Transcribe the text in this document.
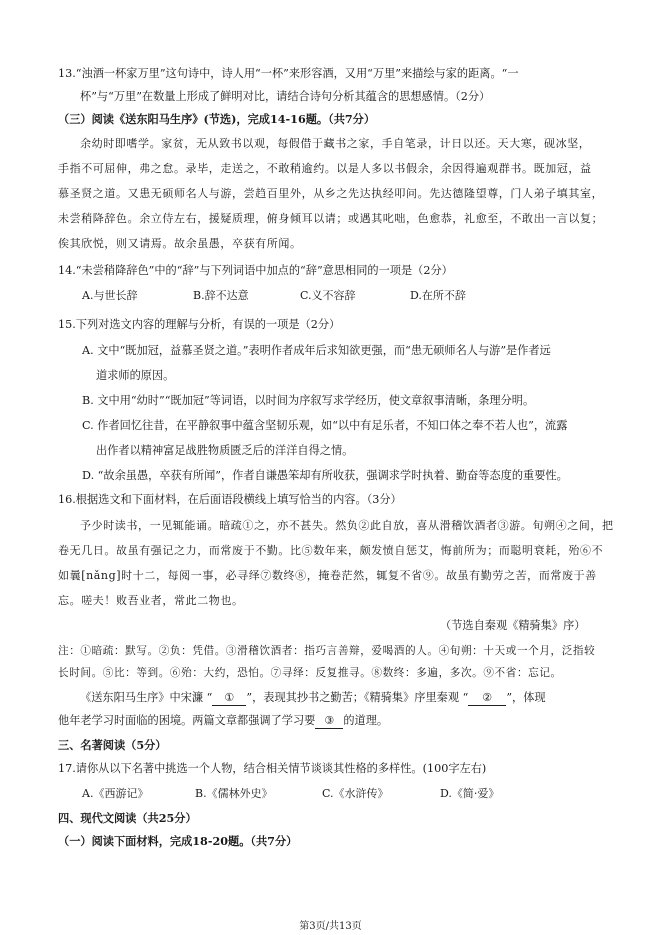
13.“浊酒一杯家万里”这句诗中，诗人用“一杯”来形容酒，又用“万里”来描绘与家的距离。“一
杯”与“万里”在数量上形成了鲜明对比，请结合诗句分析其蕴含的思想感情。（2分）
（三）阅读《送东阳马生序》(节选)，完成14-16题。（共7分）
余幼时即嗜学。家贫，无从致书以观，每假借于藏书之家，手自笔录，计日以还。天大寒，砚冰坚，
手指不可屈伸，弗之怠。录毕，走送之，不敢稍逾约。以是人多以书假余，余因得遍观群书。既加冠，益
慕圣贤之道。又患无硕师名人与游，尝趋百里外，从乡之先达执经叩问。先达德隆望尊，门人弟子填其室，
未尝稍降辞色。余立侍左右，援疑质理，俯身倾耳以请；或遇其叱咄，色愈恭，礼愈至，不敢出一言以复；
俟其欣悦，则又请焉。故余虽愚，卒获有所闻。
14.“未尝稍降辞色”中的“辞”与下列词语中加点的“辞”意思相同的一项是（2分）
A.与世长辞	B.辞不达意	C.义不容辞	D.在所不辞
15.下列对选文内容的理解与分析，有误的一项是（2分）
A. 文中“既加冠，益慕圣贤之道。”表明作者成年后求知欲更强，而“患无硕师名人与游”是作者远
道求师的原因。
B. 文中用“幼时”“既加冠”等词语，以时间为序叙写求学经历，使文章叙事清晰，条理分明。
C. 作者回忆往昔，在平静叙事中蕴含坚韧乐观，如“以中有足乐者，不知口体之奉不若人也”，流露
出作者以精神富足战胜物质匮乏后的洋洋自得之情。
D. “故余虽愚，卒获有所闻”，作者自谦愚笨却有所收获，强调求学时执着、勤奋等态度的重要性。
16.根据选文和下面材料，在后面语段横线上填写恰当的内容。（3分）
予少时读书，一见辄能诵。暗疏①之，亦不甚失。然负②此自放，喜从滑稽饮酒者③游。旬朔④之间，把
卷无几日。故虽有强记之力，而常废于不勤。比⑤数年来，颇发愤自惩艾，悔前所为；而聪明衰耗，殆⑥不
如曩[nǎng]时十二，每阅一事，必寻绎⑦数终⑧，掩卷茫然，辄复不省⑨。故虽有勤劳之苦，而常废于善
忘。嗟夫！败吾业者，常此二物也。
（节选自秦观《精骑集》序）
注：①暗疏：默写。②负：凭借。③滑稽饮酒者：指巧言善辩，爱喝酒的人。④旬朔：十天或一个月，泛指较
长时间。⑤比：等到。⑥殆：大约，恐怕。⑦寻绎：反复推寻。⑧数终：多遍，多次。⑨不省：忘记。
《送东阳马生序》中宋濂 “ ① ”，表现其抄书之勤苦；《精骑集》序里秦观 “ ② ”，体现
他年老学习时面临的困境。两篇文章都强调了学习要 ③ 的道理。
三、名著阅读（5分）
17.请你从以下名著中挑选一个人物，结合相关情节谈谈其性格的多样性。(100字左右)
A.《西游记》	B.《儒林外史》	C.《水浒传》	D.《简·爱》
四、现代文阅读（共25分）
（一）阅读下面材料，完成18-20题。（共7分）
第3页/共13页
